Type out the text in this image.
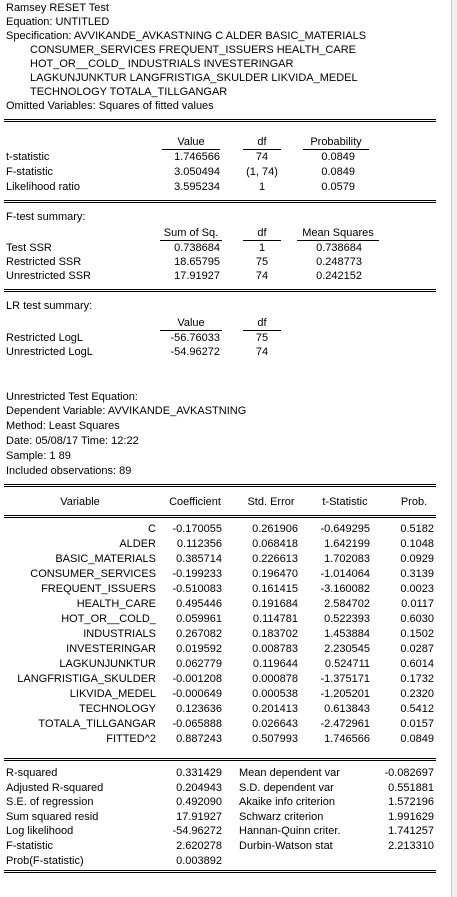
Ramsey RESET Test
Equation: UNTITLED
Specification: AVVIKANDE_AVKASTNING C ALDER BASIC_MATERIALS
CONSUMER_SERVICES FREQUENT_ISSUERS HEALTH_CARE
HOT_OR__COLD_ INDUSTRIALS INVESTERINGAR
LAGKUNJUNKTUR LANGFRISTIGA_SKULDER LIKVIDA_MEDEL
TECHNOLOGY TOTALA_TILLGANGAR
Omitted Variables: Squares of fitted values
Value	df	Probability
t-statistic	1.746566	74	0.0849
F-statistic	3.050494	(1, 74)	0.0849
Likelihood ratio	3.595234	1	0.0579
F-test summary:
Sum of Sq.	df	Mean Squares
Test SSR	0.738684	1	0.738684
Restricted SSR	18.65795	75	0.248773
Unrestricted SSR	17.91927	74	0.242152
LR test summary:
Value	df
Restricted LogL	-56.76033	75
Unrestricted LogL	-54.96272	74
Unrestricted Test Equation:
Dependent Variable: AVVIKANDE_AVKASTNING
Method: Least Squares
Date: 05/08/17 Time: 12:22
Sample: 1 89
Included observations: 89
Variable	Coefficient	Std. Error	t-Statistic	Prob.
C	-0.170055	0.261906	-0.649295	0.5182
ALDER	0.112356	0.068418	1.642199	0.1048
BASIC_MATERIALS	0.385714	0.226613	1.702083	0.0929
CONSUMER_SERVICES	-0.199233	0.196470	-1.014064	0.3139
FREQUENT_ISSUERS	-0.510083	0.161415	-3.160082	0.0023
HEALTH_CARE	0.495446	0.191684	2.584702	0.0117
HOT_OR__COLD_	0.059961	0.114781	0.522393	0.6030
INDUSTRIALS	0.267082	0.183702	1.453884	0.1502
INVESTERINGAR	0.019592	0.008783	2.230545	0.0287
LAGKUNJUNKTUR	0.062779	0.119644	0.524711	0.6014
LANGFRISTIGA_SKULDER	-0.001208	0.000878	-1.375171	0.1732
LIKVIDA_MEDEL	-0.000649	0.000538	-1.205201	0.2320
TECHNOLOGY	0.123636	0.201413	0.613843	0.5412
TOTALA_TILLGANGAR	-0.065888	0.026643	-2.472961	0.0157
FITTED^2	0.887243	0.507993	1.746566	0.0849
R-squared	0.331429 Mean dependent var	-0.082697
Adjusted R-squared	0.204943 S.D. dependent var	0.551881
S.E. of regression	0.492090 Akaike info criterion	1.572196
Sum squared resid	17.91927 Schwarz criterion	1.991629
Log likelihood	-54.96272 Hannan-Quinn criter.	1.741257
F-statistic	2.620278 Durbin-Watson stat	2.213310
Prob(F-statistic)	0.003892
